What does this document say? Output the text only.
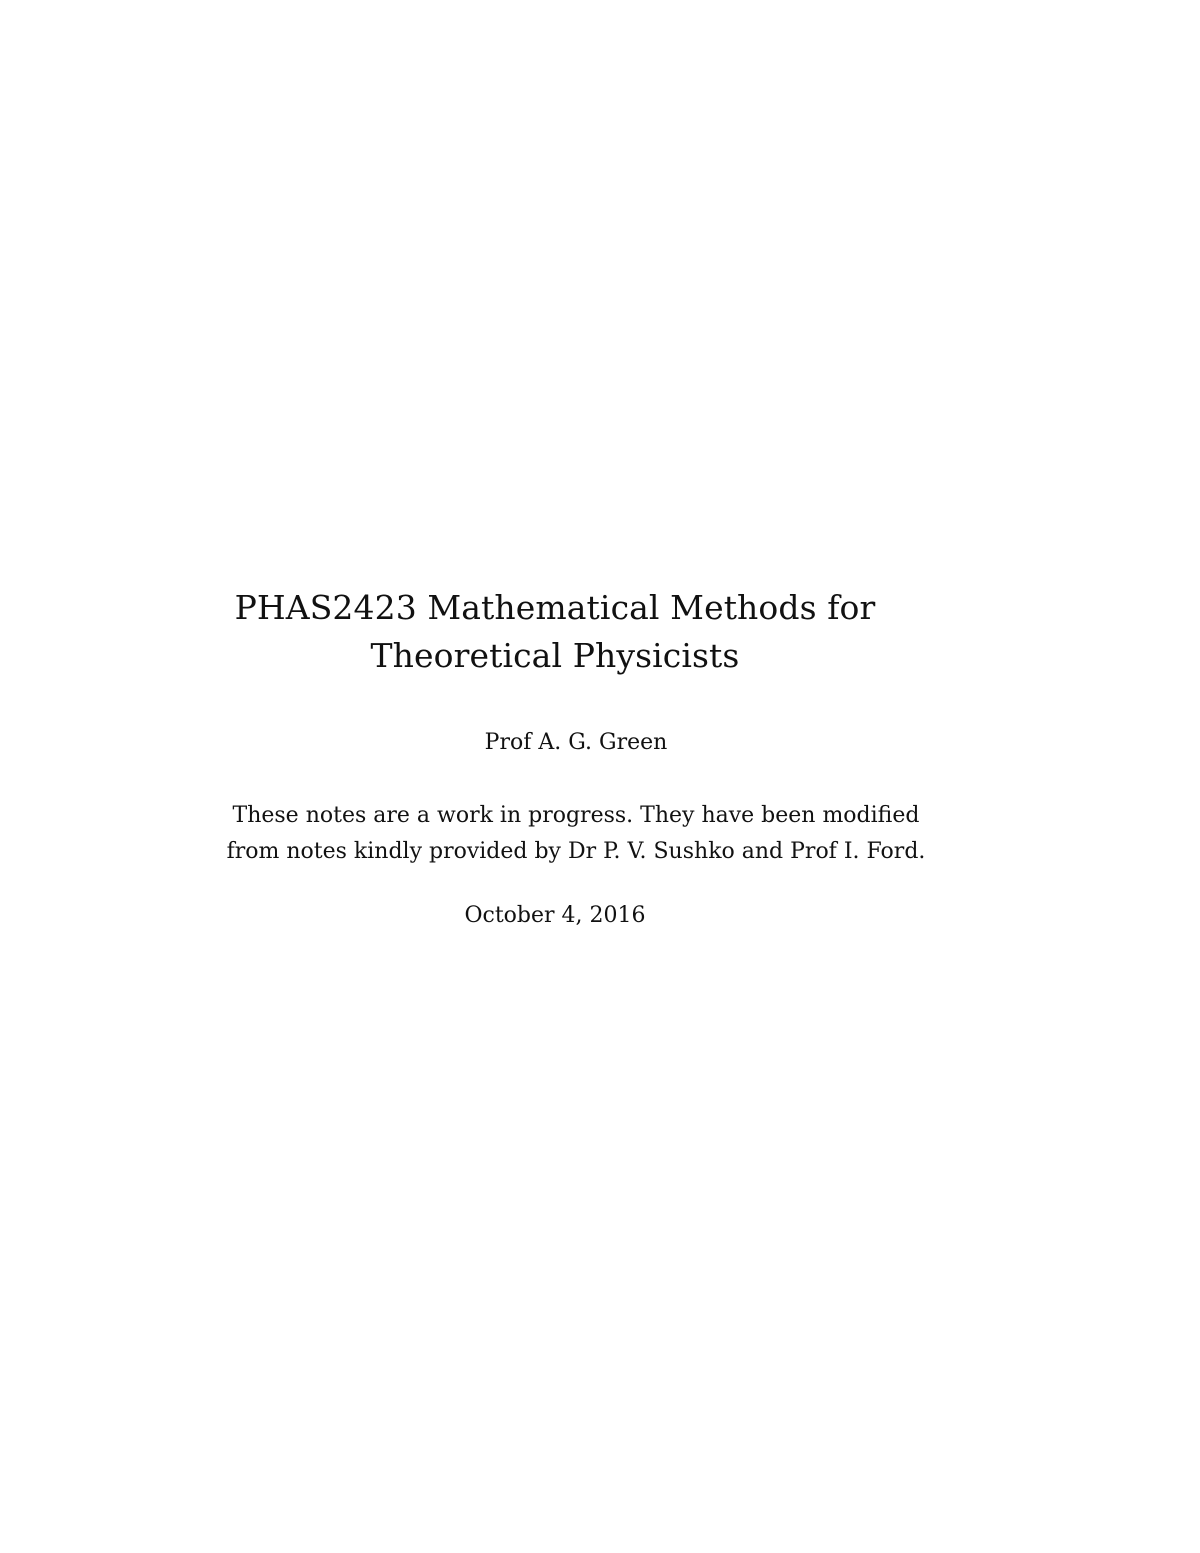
PHAS2423 Mathematical Methods for
Theoretical Physicists
Prof A. G. Green
These notes are a work in progress. They have been modified
from notes kindly provided by Dr P. V. Sushko and Prof I. Ford.
October 4, 2016
